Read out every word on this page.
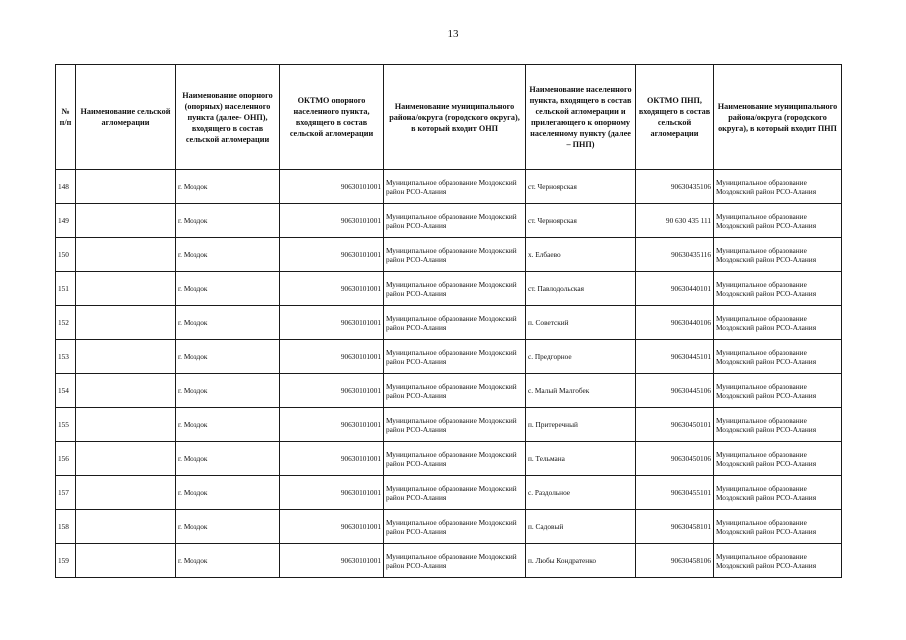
13
№ п/п	Наименование сельской агломерации	Наименование опорного (опорных) населенного пункта (далее- ОНП), входящего в состав сельской агломерации	ОКТМО опорного населенного пункта, входящего в состав сельской агломерации	Наименование муниципального района/округа (городского округа), в который входит ОНП	Наименование населенного пункта, входящего в состав сельской агломерации и прилегающего к опорному населенному пункту (далее – ПНП)	ОКТМО ПНП, входящего в состав сельской агломерации	Наименование муниципального района/округа (городского округа), в который входит ПНП
148		г. Моздок	90630101001	Муниципальное образование Моздокский район РСО-Алания	ст. Черноярская	90630435106	Муниципальное образование Моздокский район РСО-Алания
149		г. Моздок	90630101001	Муниципальное образование Моздокский район РСО-Алания	ст. Черноярская	90 630 435 111	Муниципальное образование Моздокский район РСО-Алания
150		г. Моздок	90630101001	Муниципальное образование Моздокский район РСО-Алания	х. Елбаево	90630435116	Муниципальное образование Моздокский район РСО-Алания
151		г. Моздок	90630101001	Муниципальное образование Моздокский район РСО-Алания	ст. Павлодольская	90630440101	Муниципальное образование Моздокский район РСО-Алания
152		г. Моздок	90630101001	Муниципальное образование Моздокский район РСО-Алания	п. Советский	90630440106	Муниципальное образование Моздокский район РСО-Алания
153		г. Моздок	90630101001	Муниципальное образование Моздокский район РСО-Алания	с. Предгорное	90630445101	Муниципальное образование Моздокский район РСО-Алания
154		г. Моздок	90630101001	Муниципальное образование Моздокский район РСО-Алания	с. Малый Малгобек	90630445106	Муниципальное образование Моздокский район РСО-Алания
155		г. Моздок	90630101001	Муниципальное образование Моздокский район РСО-Алания	п. Притеречный	90630450101	Муниципальное образование Моздокский район РСО-Алания
156		г. Моздок	90630101001	Муниципальное образование Моздокский район РСО-Алания	п. Тельмана	90630450106	Муниципальное образование Моздокский район РСО-Алания
157		г. Моздок	90630101001	Муниципальное образование Моздокский район РСО-Алания	с. Раздольное	90630455101	Муниципальное образование Моздокский район РСО-Алания
158		г. Моздок	90630101001	Муниципальное образование Моздокский район РСО-Алания	п. Садовый	90630458101	Муниципальное образование Моздокский район РСО-Алания
159		г. Моздок	90630101001	Муниципальное образование Моздокский район РСО-Алания	п. Любы Кондратенко	90630458106	Муниципальное образование Моздокский район РСО-Алания
